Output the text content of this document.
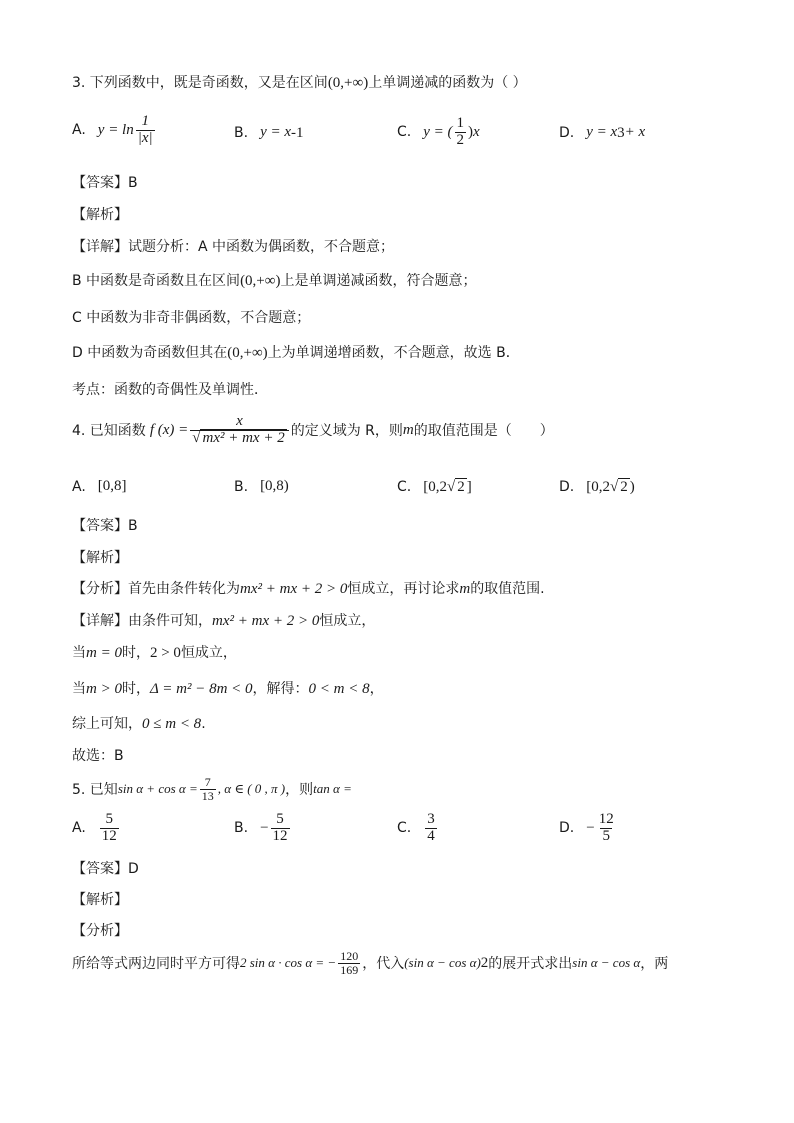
3. 下列函数中，既是奇函数，又是在区间(0,+∞)上单调递减的函数为（ ）
A. $y = \ln \frac{1}{|x|}$	B. y = x -1	C. y = ( $\frac{1}{2}$ ) x	D. y = x 3 + x
【答案】B
【解析】
【详解】试题分析：A 中函数为偶函数，不合题意；
B 中函数是奇函数且在区间(0,+∞)上是单调递减函数，符合题意；
C 中函数为非奇非偶函数，不合题意；
D 中函数为奇函数但其在(0,+∞)上为单调递增函数，不合题意，故选 B．
考点：函数的奇偶性及单调性．
4. 已知函数 f $(x) = \frac{x}{\text{√ mx² + mx + 2}}$ 的定义域为 R，则 m 的取值范围是（　　）
A. [0,8]	B. [0,8)	C. [0,2 √ 2 ]	D. [0,2 √ 2 )
【答案】B
【解析】
【分析】首先由条件转化为mx² + mx + 2 > 0恒成立，再讨论求m的取值范围.
【详解】由条件可知，mx² + mx + 2 > 0恒成立，
当m = 0时，2 > 0恒成立，
当m > 0时，Δ = m² − 8m < 0，解得：0 < m < 8，
综上可知，0 ≤ m < 8.
故选：B
5. 已知 $\sin \alpha + \cos \alpha = \frac{7}{13}$ , α ∈ ( 0 , π ) ，则 tan α =
A. $\frac{5}{12}$	B. − $\frac{5}{12}$	C. $\frac{3}{4}$	D. − $\frac{12}{5}$
【答案】D
【解析】
【分析】
所给等式两边同时平方可得 2 sin α · cos α = − $\frac{120}{169}$ ，代入 (sin α − cos α) 2 的展开式求出 sin α − cos α ，两
